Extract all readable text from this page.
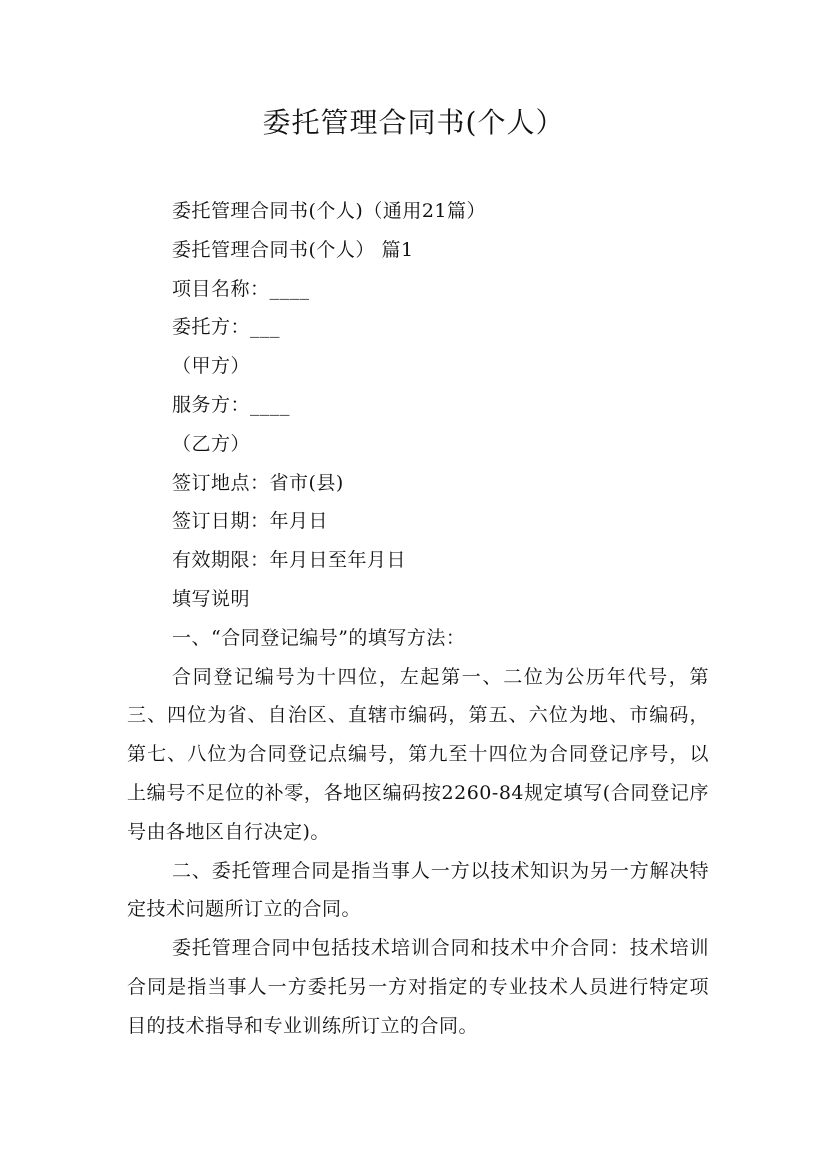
委托管理合同书(个人）
委托管理合同书(个人)（通用21篇）
委托管理合同书(个人） 篇1
项目名称：____
委托方：___
（甲方）
服务方：____
（乙方）
签订地点：省市(县)
签订日期：年月日
有效期限：年月日至年月日
填写说明
一、“合同登记编号”的填写方法：

合同登记编号为十四位，左起第一、二位为公历年代号，第三、四位为省、自治区、直辖市编码，第五、六位为地、市编码，第七、八位为合同登记点编号，第九至十四位为合同登记序号，以上编号不足位的补零，各地区编码按2260-84规定填写(合同登记序号由各地区自行决定)。

二、委托管理合同是指当事人一方以技术知识为另一方解决特定技术问题所订立的合同。

委托管理合同中包括技术培训合同和技术中介合同：技术培训合同是指当事人一方委托另一方对指定的专业技术人员进行特定项目的技术指导和专业训练所订立的合同。
